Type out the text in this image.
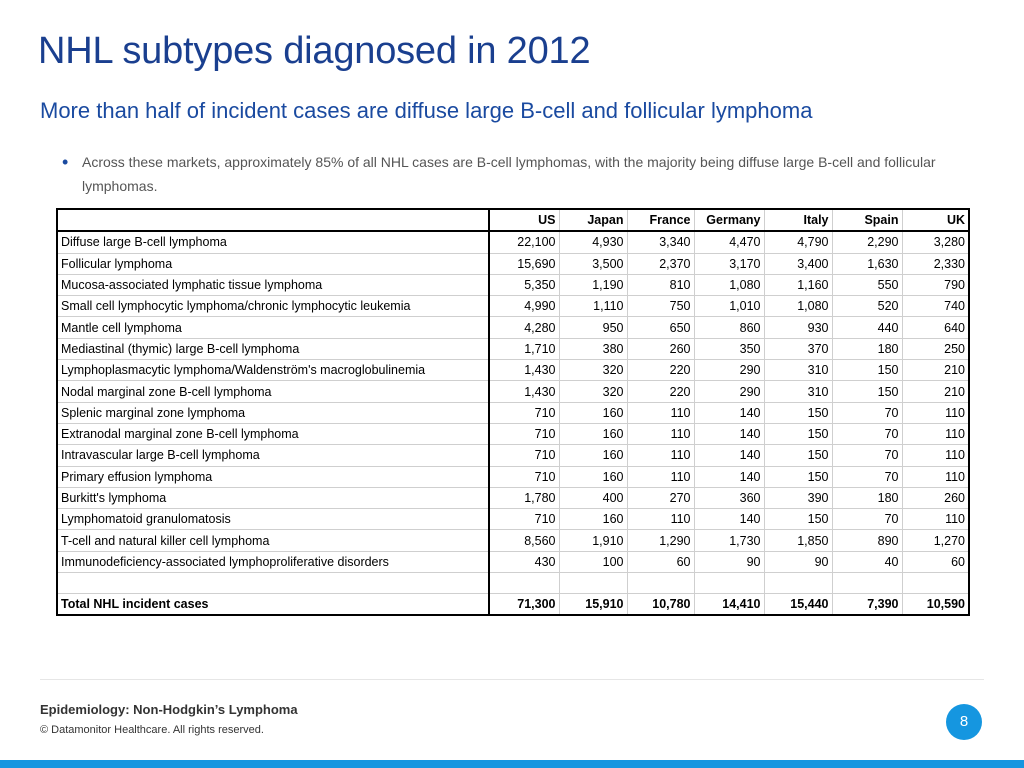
NHL subtypes diagnosed in 2012
More than half of incident cases are diffuse large B-cell and follicular lymphoma
• Across these markets, approximately 85% of all NHL cases are B-cell lymphomas, with the majority being diffuse large B-cell and follicular lymphomas.
	US	Japan	France	Germany	Italy	Spain	UK
Diffuse large B-cell lymphoma	22,100	4,930	3,340	4,470	4,790	2,290	3,280
Follicular lymphoma	15,690	3,500	2,370	3,170	3,400	1,630	2,330
Mucosa-associated lymphatic tissue lymphoma	5,350	1,190	810	1,080	1,160	550	790
Small cell lymphocytic lymphoma/chronic lymphocytic leukemia	4,990	1,110	750	1,010	1,080	520	740
Mantle cell lymphoma	4,280	950	650	860	930	440	640
Mediastinal (thymic) large B-cell lymphoma	1,710	380	260	350	370	180	250
Lymphoplasmacytic lymphoma/Waldenström's macroglobulinemia	1,430	320	220	290	310	150	210
Nodal marginal zone B-cell lymphoma	1,430	320	220	290	310	150	210
Splenic marginal zone lymphoma	710	160	110	140	150	70	110
Extranodal marginal zone B-cell lymphoma	710	160	110	140	150	70	110
Intravascular large B-cell lymphoma	710	160	110	140	150	70	110
Primary effusion lymphoma	710	160	110	140	150	70	110
Burkitt's lymphoma	1,780	400	270	360	390	180	260
Lymphomatoid granulomatosis	710	160	110	140	150	70	110
T-cell and natural killer cell lymphoma	8,560	1,910	1,290	1,730	1,850	890	1,270
Immunodeficiency-associated lymphoproliferative disorders	430	100	60	90	90	40	60

Total NHL incident cases	71,300	15,910	10,780	14,410	15,440	7,390	10,590
Epidemiology: Non-Hodgkin’s Lymphoma
© Datamonitor Healthcare. All rights reserved.	8
